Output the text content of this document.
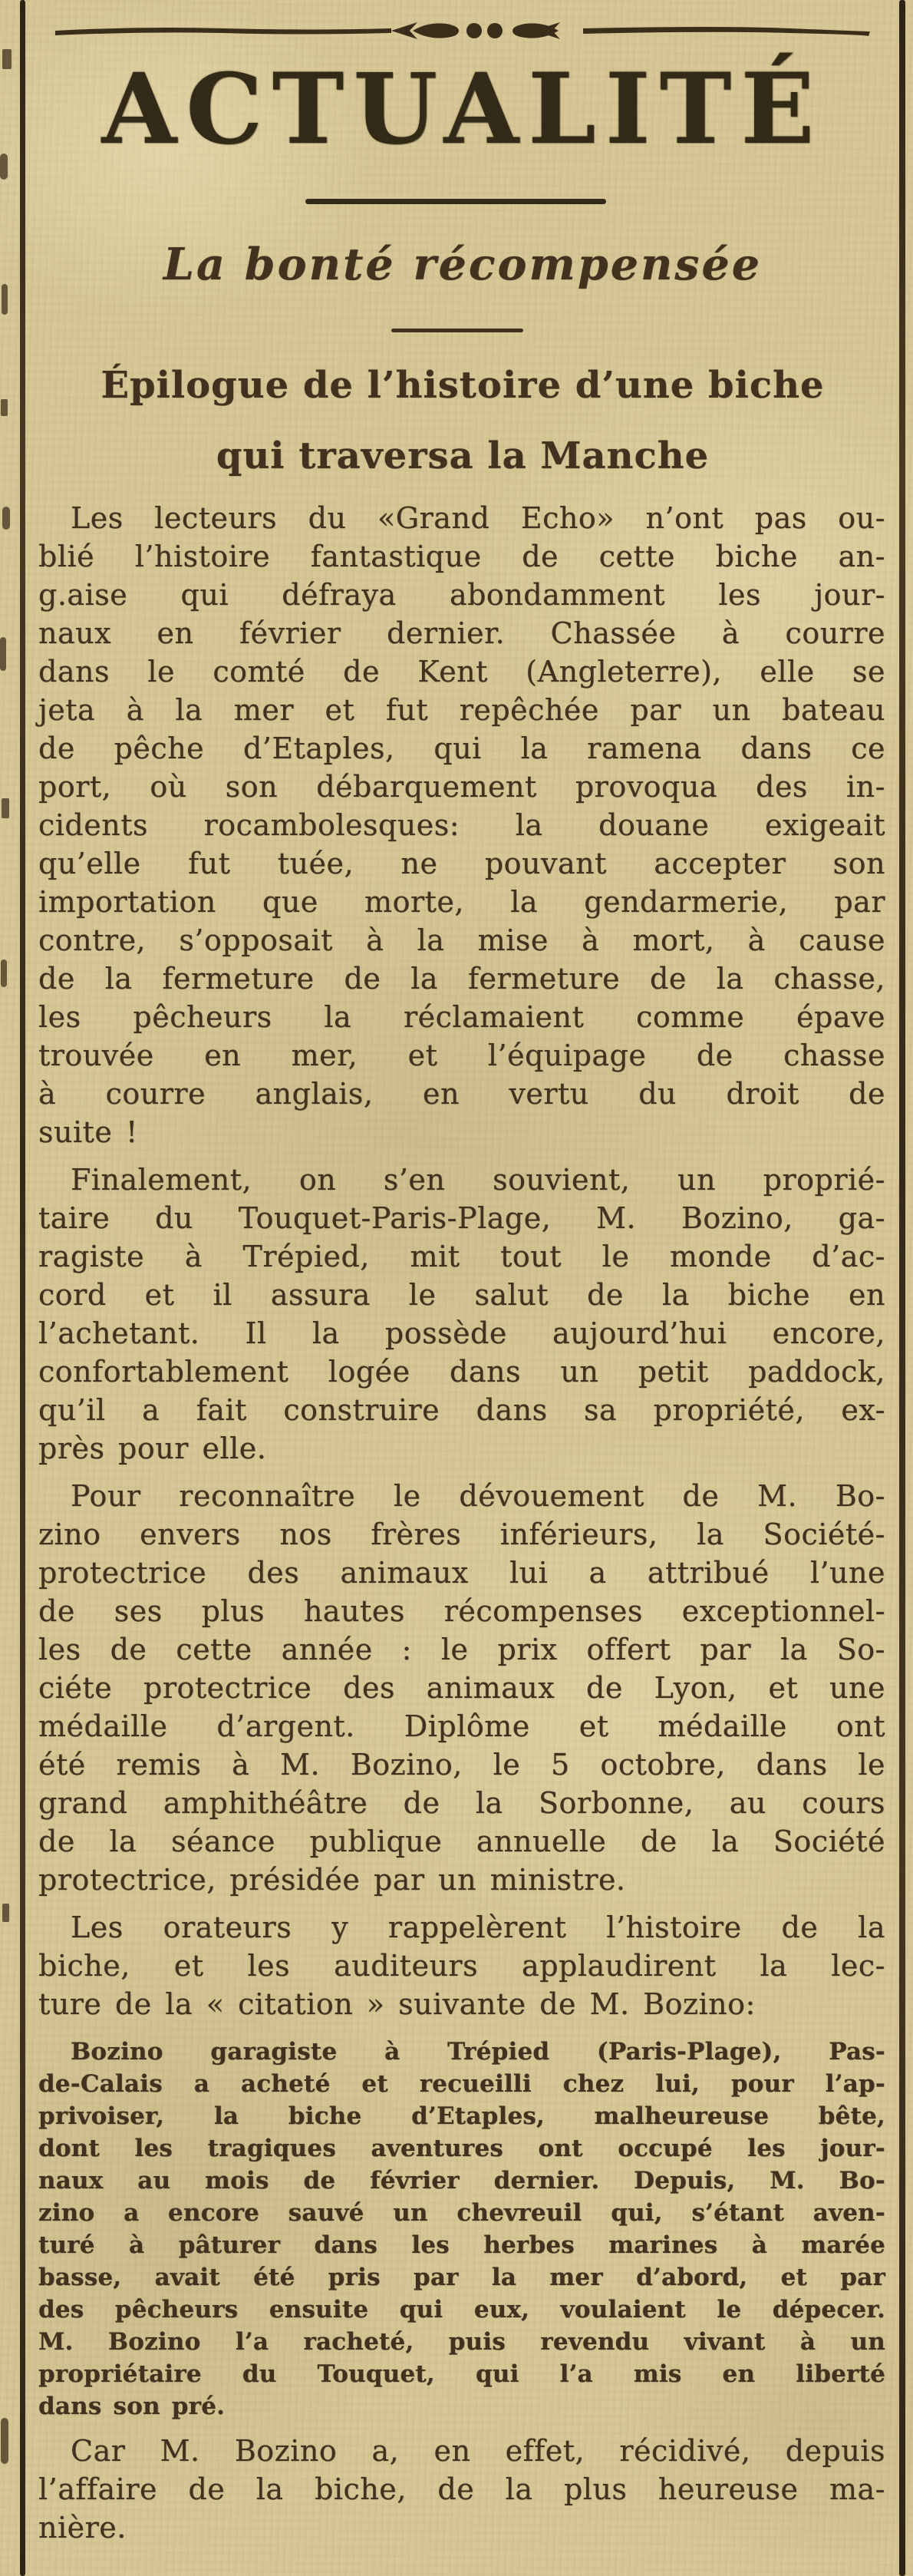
ACTUALITÉ
La bonté récompensée
Épilogue de l’histoire d’une biche
qui traversa la Manche
Les lecteurs du «Grand Echo» n’ont pas ou-
blié l’histoire fantastique de cette biche an-
g.aise qui défraya abondamment les jour-
naux en février dernier. Chassée à courre
dans le comté de Kent (Angleterre), elle se
jeta à la mer et fut repêchée par un bateau
de pêche d’Etaples, qui la ramena dans ce
port, où son débarquement provoqua des in-
cidents rocambolesques: la douane exigeait
qu’elle fut tuée, ne pouvant accepter son
importation que morte, la gendarmerie, par
contre, s’opposait à la mise à mort, à cause
de la fermeture de la fermeture de la chasse,
les pêcheurs la réclamaient comme épave
trouvée en mer, et l’équipage de chasse
à courre anglais, en vertu du droit de
suite !
Finalement, on s’en souvient, un proprié-
taire du Touquet-Paris-Plage, M. Bozino, ga-
ragiste à Trépied, mit tout le monde d’ac-
cord et il assura le salut de la biche en
l’achetant. Il la possède aujourd’hui encore,
confortablement logée dans un petit paddock,
qu’il a fait construire dans sa propriété, ex-
près pour elle.
Pour reconnaître le dévouement de M. Bo-
zino envers nos frères inférieurs, la Société-
protectrice des animaux lui a attribué l’une
de ses plus hautes récompenses exceptionnel-
les de cette année : le prix offert par la So-
ciéte protectrice des animaux de Lyon, et une
médaille d’argent. Diplôme et médaille ont
été remis à M. Bozino, le 5 octobre, dans le
grand amphithéâtre de la Sorbonne, au cours
de la séance publique annuelle de la Société
protectrice, présidée par un ministre.
Les orateurs y rappelèrent l’histoire de la
biche, et les auditeurs applaudirent la lec-
ture de la « citation » suivante de M. Bozino:
Bozino garagiste à Trépied (Paris-Plage), Pas-
de-Calais a acheté et recueilli chez lui, pour l’ap-
privoiser, la biche d’Etaples, malheureuse bête,
dont les tragiques aventures ont occupé les jour-
naux au mois de février dernier. Depuis, M. Bo-
zino a encore sauvé un chevreuil qui, s’étant aven-
turé à pâturer dans les herbes marines à marée
basse, avait été pris par la mer d’abord, et par
des pêcheurs ensuite qui eux, voulaient le dépecer.
M. Bozino l’a racheté, puis revendu vivant à un
propriétaire du Touquet, qui l’a mis en liberté
dans son pré.
Car M. Bozino a, en effet, récidivé, depuis
l’affaire de la biche, de la plus heureuse ma-
nière.
